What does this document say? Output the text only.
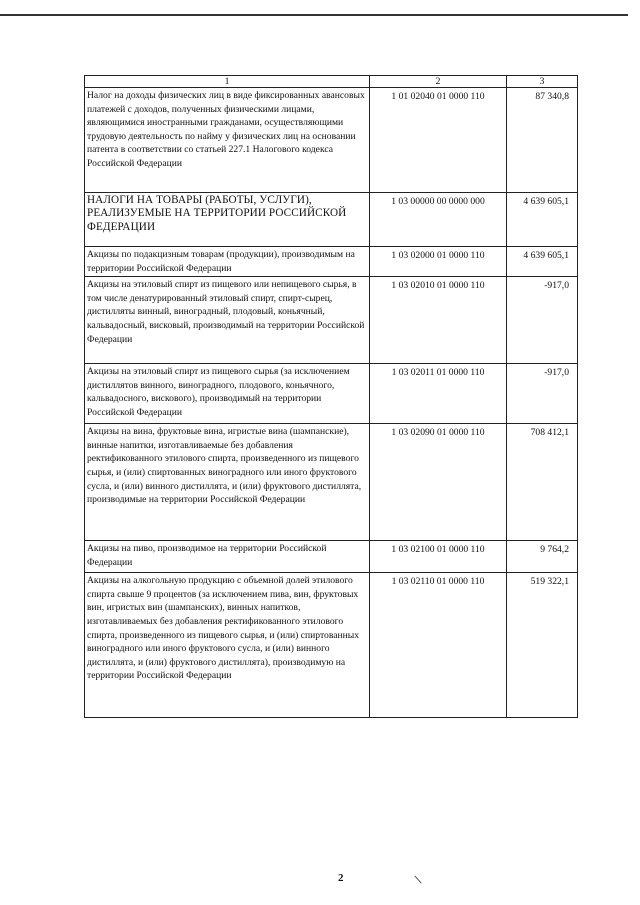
1	2	3
Налог на доходы физических лиц в виде фиксированных авансовых платежей с доходов, полученных физическими лицами, являющимися иностранными гражданами, осуществляющими трудовую деятельность по найму у физических лиц на основании патента в соответствии со статьей 227.1 Налогового кодекса Российской Федерации	1 01 02040 01 0000 110	87 340,8
НАЛОГИ НА ТОВАРЫ (РАБОТЫ, УСЛУГИ), РЕАЛИЗУЕМЫЕ НА ТЕРРИТОРИИ РОССИЙСКОЙ ФЕДЕРАЦИИ	1 03 00000 00 0000 000	4 639 605,1
Акцизы по подакцизным товарам (продукции), производимым на территории Российской Федерации	1 03 02000 01 0000 110	4 639 605,1
Акцизы на этиловый спирт из пищевого или непищевого сырья, в том числе денатурированный этиловый спирт, спирт-сырец, дистилляты винный, виноградный, плодовый, коньячный, кальвадосный, висковый, производимый на территории Российской Федерации	1 03 02010 01 0000 110	-917,0
Акцизы на этиловый спирт из пищевого сырья (за исключением дистиллятов винного, виноградного, плодового, коньячного, кальвадосного, вискового), производимый на территории Российской Федерации	1 03 02011 01 0000 110	-917,0
Акцизы на вина, фруктовые вина, игристые вина (шампанские), винные напитки, изготавливаемые без добавления ректификованного этилового спирта, произведенного из пищевого сырья, и (или) спиртованных виноградного или иного фруктового сусла, и (или) винного дистиллята, и (или) фруктового дистиллята, производимые на территории Российской Федерации	1 03 02090 01 0000 110	708 412,1
Акцизы на пиво, производимое на территории Российской Федерации	1 03 02100 01 0000 110	9 764,2
Акцизы на алкогольную продукцию с объемной долей этилового спирта свыше 9 процентов (за исключением пива, вин, фруктовых вин, игристых вин (шампанских), винных напитков, изготавливаемых без добавления ректификованного этилового спирта, произведенного из пищевого сырья, и (или) спиртованных виноградного или иного фруктового сусла, и (или) винного дистиллята, и (или) фруктового дистиллята), производимую на территории Российской Федерации	1 03 02110 01 0000 110	519 322,1
2
